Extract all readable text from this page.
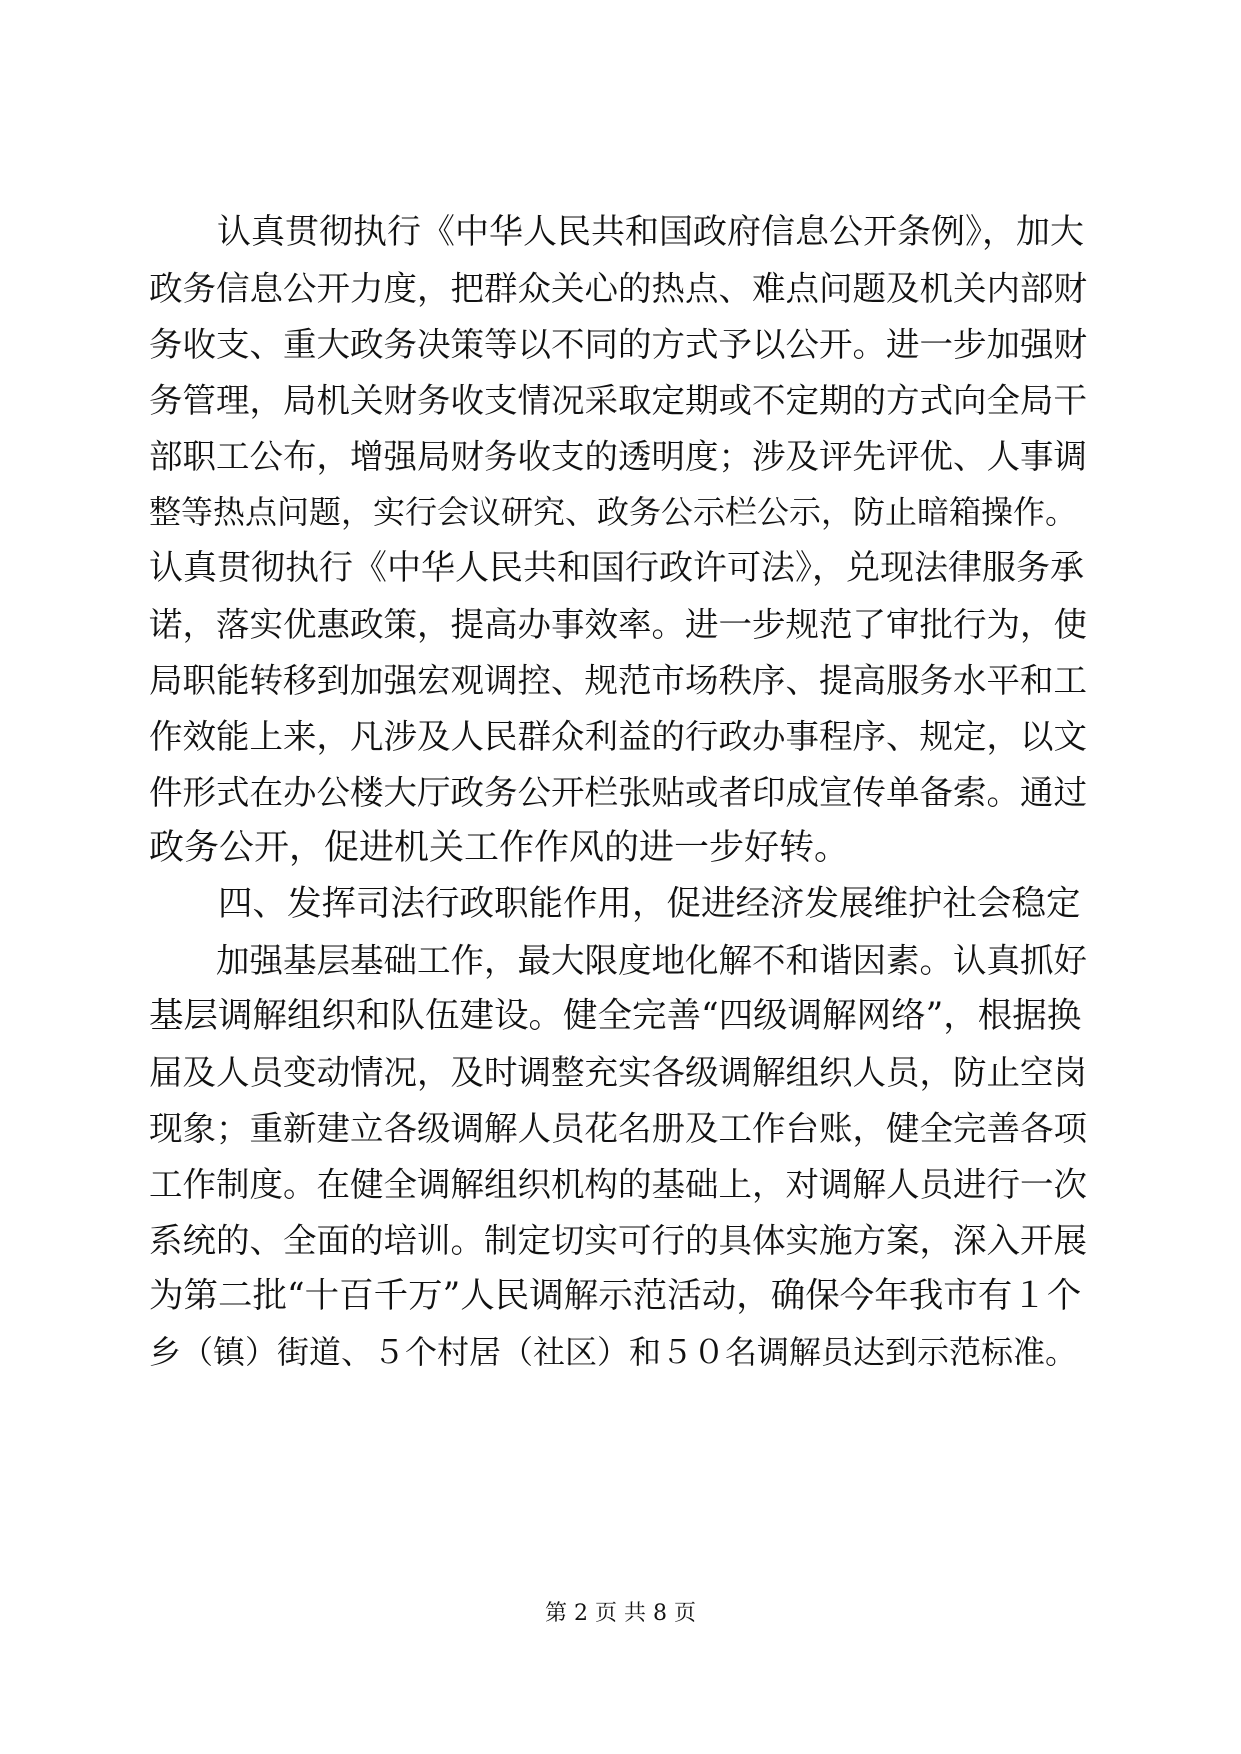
　　认真贯彻执行《中华人民共和国政府信息公开条例》，加大
政务信息公开力度，把群众关心的热点、难点问题及机关内部财
务收支、重大政务决策等以不同的方式予以公开。进一步加强财
务管理，局机关财务收支情况采取定期或不定期的方式向全局干
部职工公布，增强局财务收支的透明度；涉及评先评优、人事调
整等热点问题，实行会议研究、政务公示栏公示，防止暗箱操作。
认真贯彻执行《中华人民共和国行政许可法》，兑现法律服务承
诺，落实优惠政策，提高办事效率。进一步规范了审批行为，使
局职能转移到加强宏观调控、规范市场秩序、提高服务水平和工
作效能上来，凡涉及人民群众利益的行政办事程序、规定，以文
件形式在办公楼大厅政务公开栏张贴或者印成宣传单备索。通过
政务公开，促进机关工作作风的进一步好转。
　　四、发挥司法行政职能作用，促进经济发展维护社会稳定
　　加强基层基础工作，最大限度地化解不和谐因素。认真抓好
基层调解组织和队伍建设。健全完善“四级调解网络”，根据换
届及人员变动情况，及时调整充实各级调解组织人员，防止空岗
现象；重新建立各级调解人员花名册及工作台账，健全完善各项
工作制度。在健全调解组织机构的基础上，对调解人员进行一次
系统的、全面的培训。制定切实可行的具体实施方案，深入开展
为第二批“十百千万”人民调解示范活动，确保今年我市有１个
乡（镇）街道、５个村居（社区）和５０名调解员达到示范标准。
第 2 页 共 8 页
